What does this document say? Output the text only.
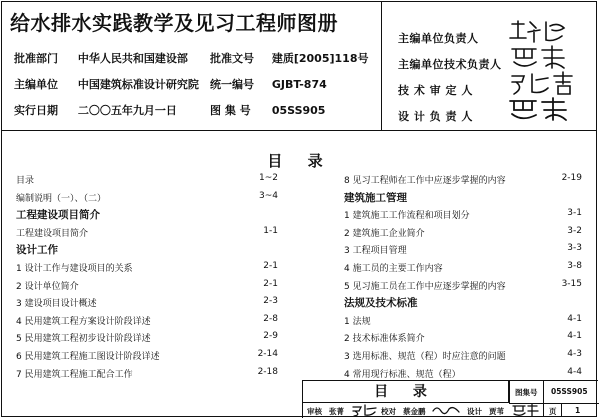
给水排水实践教学及见习工程师图册
批准部门 中华人民共和国建设部 批准文号 建质[2005]118号
主编单位 中国建筑标准设计研究院 统一编号 GJBT-874
实行日期 二〇〇五年九月一日	图 集 号 05SS905
主编单位负责人
主编单位技术负责人
技 术 审 定 人
设 计 负 责 人
目 录
目录	1~2
编制说明（一）、（二）	3~4
工程建设项目简介
工程建设项目简介	1-1
设计工作
1 设计工作与建设项目的关系	2-1
2 设计单位简介	2-1
3 建设项目设计概述	2-3
4 民用建筑工程方案设计阶段详述	2-8
5 民用建筑工程初步设计阶段详述	2-9
6 民用建筑工程施工图设计阶段详述	2-14
7 民用建筑工程施工配合工作	2-18
8 见习工程师在工作中应逐步掌握的内容	2-19
建筑施工管理
1 建筑施工工作流程和项目划分	3-1
2 建筑施工企业简介	3-2
3 工程项目管理	3-3
4 施工员的主要工作内容	3-8
5 见习施工员在工作中应逐步掌握的内容	3-15
法规及技术标准
1 法规	4-1
2 技术标准体系简介	4-1
3 选用标准、规范（程）时应注意的问题	4-3
4 常用现行标准、规范（程）	4-4
目 录	图集号 05SS905
审核 张菁	校对 蔡金鹏	设计 贾苇	页 1
